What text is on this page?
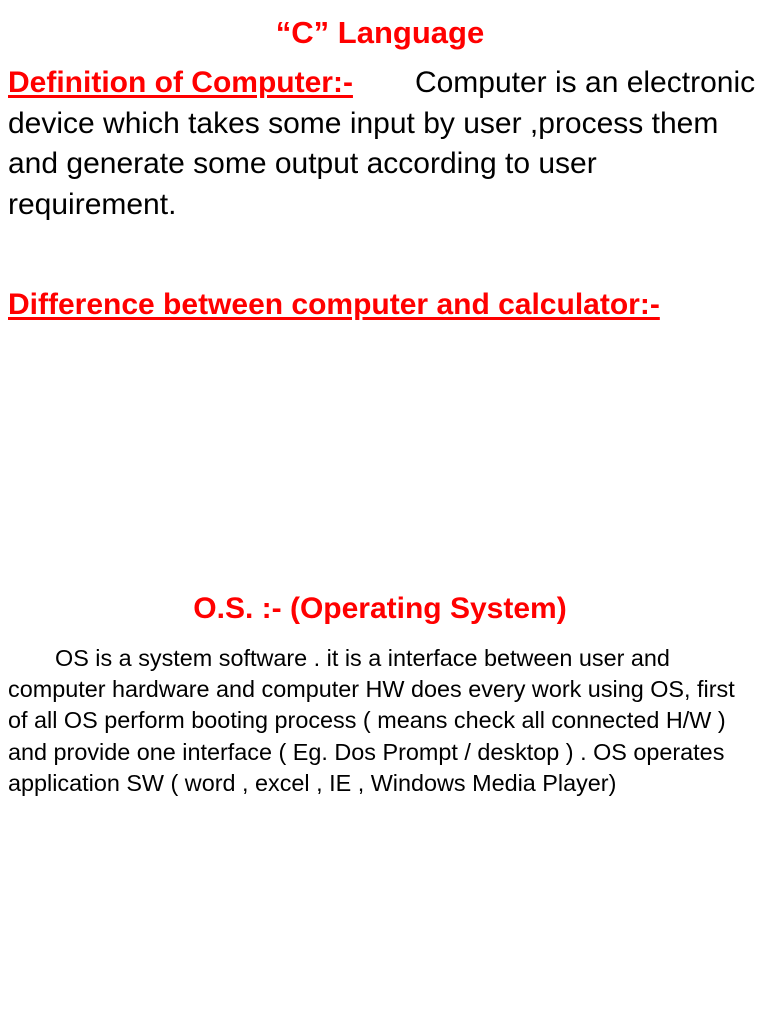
“C” Language
Definition of Computer:- Computer is an electronic device which takes some input by user ,process them and generate some output according to user requirement.
Difference between computer and calculator:-
O.S. :- (Operating System)
OS is a system software . it is a interface between user and computer hardware and computer HW does every work using OS, first of all OS perform booting process ( means check all connected H/W ) and provide one interface ( Eg. Dos Prompt / desktop ) . OS operates application SW ( word , excel , IE , Windows Media Player)
